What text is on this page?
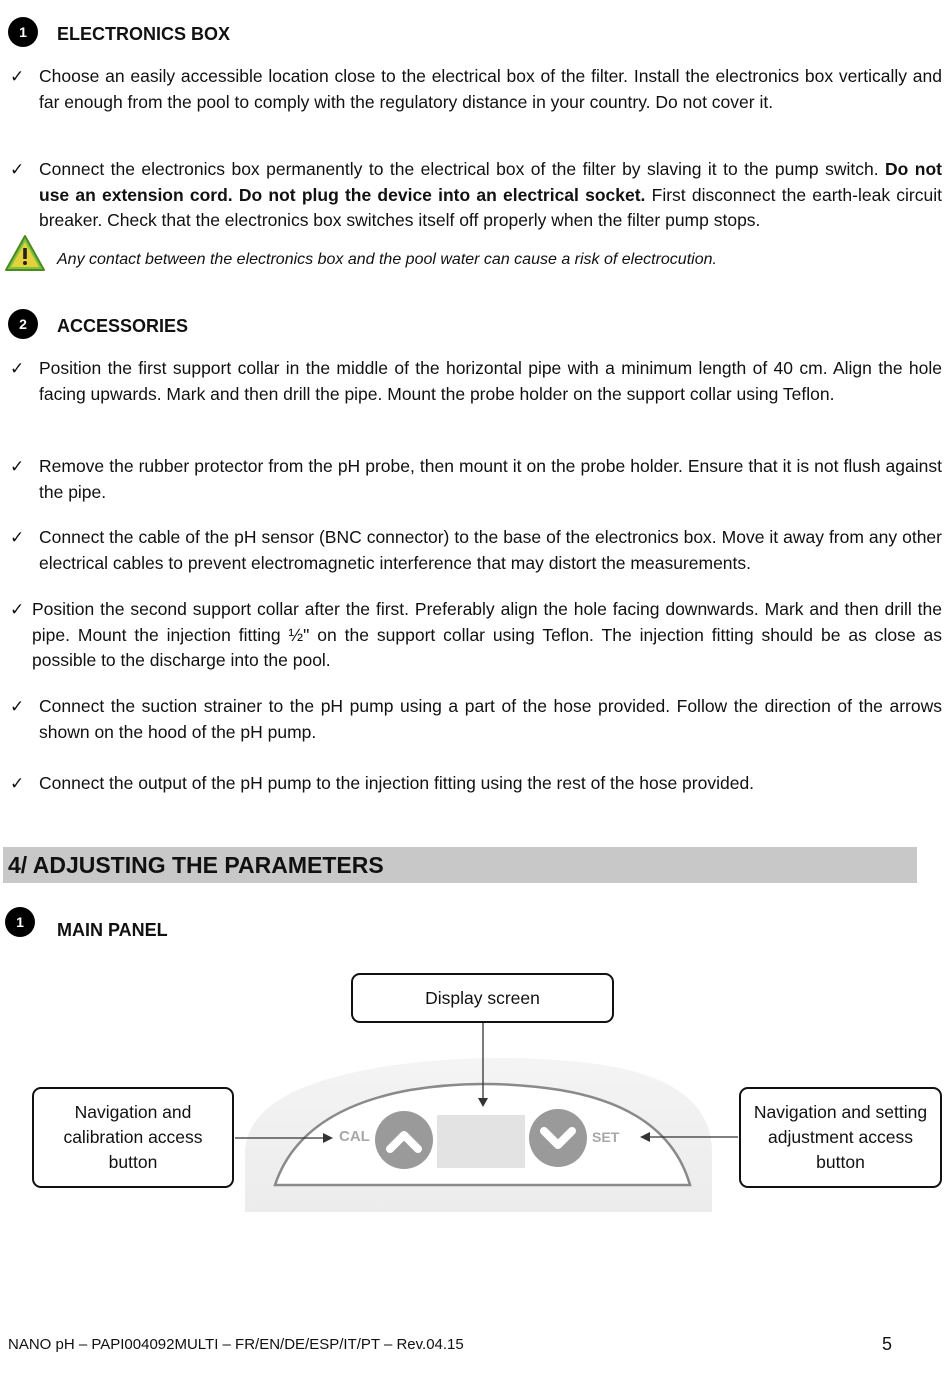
1	ELECTRONICS BOX
✓ Choose an easily accessible location close to the electrical box of the filter. Install the electronics box vertically and far enough from the pool to comply with the regulatory distance in your country. Do not cover it.
✓ Connect the electronics box permanently to the electrical box of the filter by slaving it to the pump switch. Do not use an extension cord. Do not plug the device into an electrical socket. First disconnect the earth-leak circuit breaker. Check that the electronics box switches itself off properly when the filter pump stops.
Any contact between the electronics box and the pool water can cause a risk of electrocution.
2	ACCESSORIES
✓ Position the first support collar in the middle of the horizontal pipe with a minimum length of 40 cm. Align the hole facing upwards. Mark and then drill the pipe. Mount the probe holder on the support collar using Teflon.
✓ Remove the rubber protector from the pH probe, then mount it on the probe holder. Ensure that it is not flush against the pipe.
✓ Connect the cable of the pH sensor (BNC connector) to the base of the electronics box. Move it away from any other electrical cables to prevent electromagnetic interference that may distort the measurements.
✓ Position the second support collar after the first. Preferably align the hole facing downwards. Mark and then drill the pipe. Mount the injection fitting ½" on the support collar using Teflon. The injection fitting should be as close as possible to the discharge into the pool.
✓ Connect the suction strainer to the pH pump using a part of the hose provided. Follow the direction of the arrows shown on the hood of the pH pump.
✓ Connect the output of the pH pump to the injection fitting using the rest of the hose provided.
4/ ADJUSTING THE PARAMETERS
1	MAIN PANEL
CAL	SET
Display screen
Navigation and calibration access button
Navigation and setting adjustment access button
NANO pH – PAPI004092MULTI – FR/EN/DE/ESP/IT/PT – Rev.04.15	5
